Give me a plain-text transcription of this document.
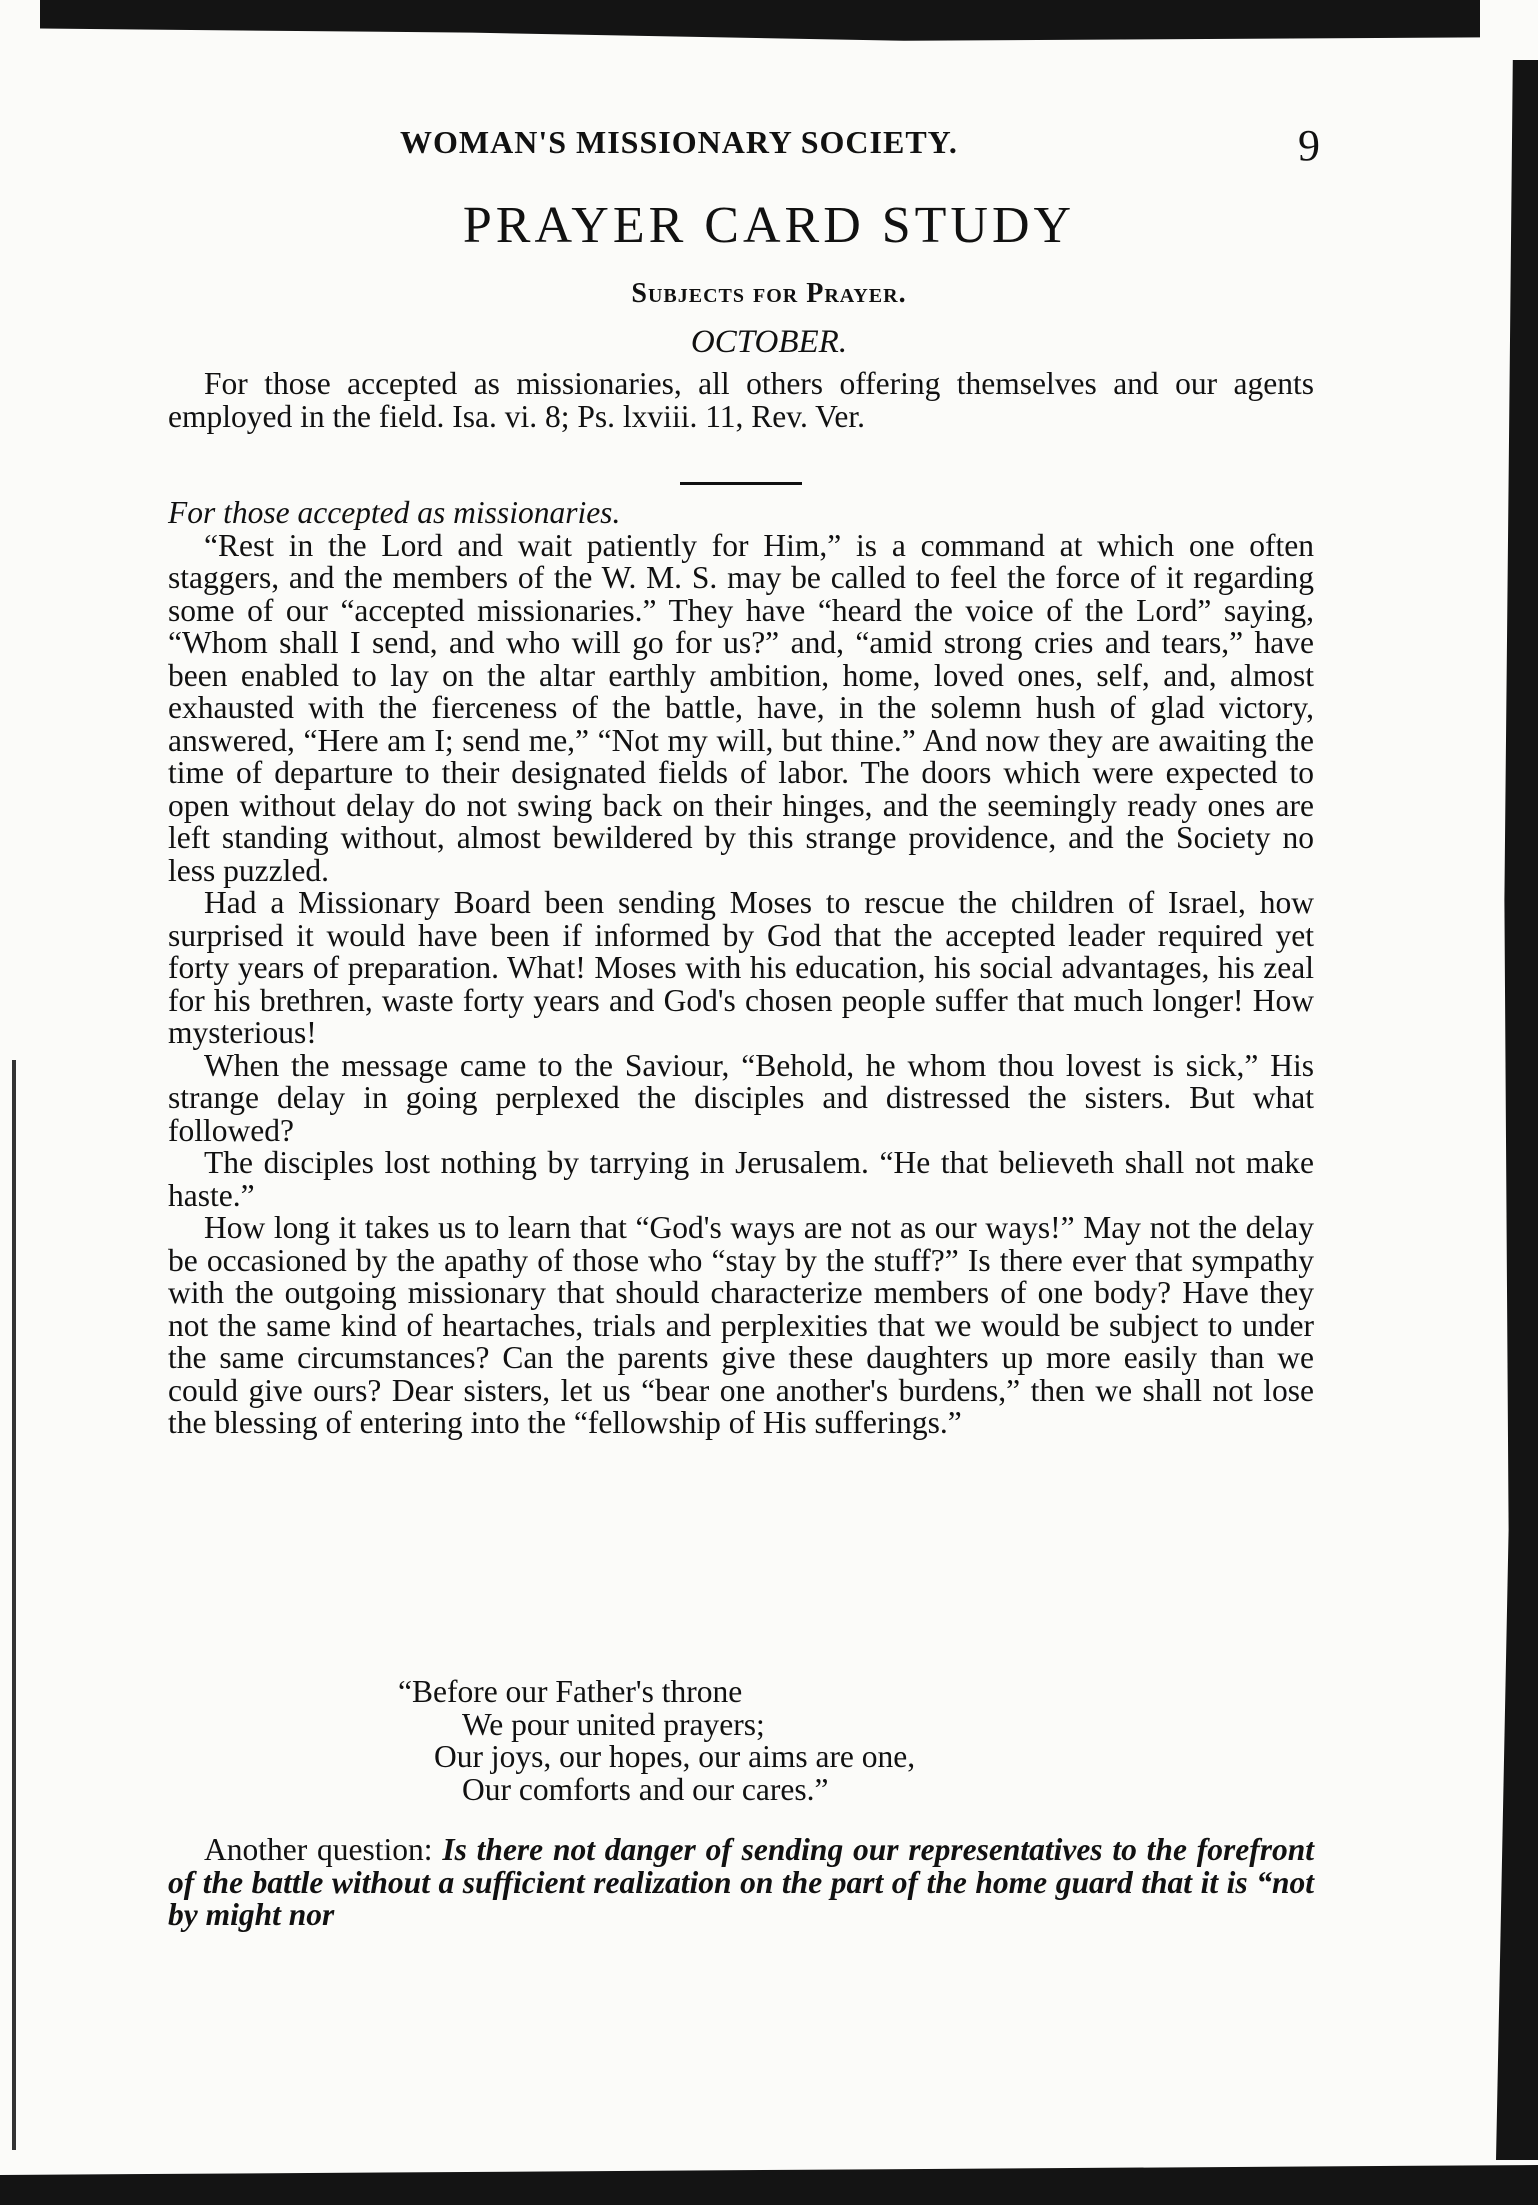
WOMAN'S MISSIONARY SOCIETY.	9
PRAYER CARD STUDY
Subjects for Prayer.
OCTOBER.

For those accepted as missionaries, all others offering themselves and our agents employed in the field. Isa. vi. 8; Ps. lxviii. 11, Rev. Ver.

For those accepted as missionaries.

“Rest in the Lord and wait patiently for Him,” is a command at which one often staggers, and the members of the W. M. S. may be called to feel the force of it regarding some of our “accepted missionaries.” They have “heard the voice of the Lord” saying, “Whom shall I send, and who will go for us?” and, “amid strong cries and tears,” have been enabled to lay on the altar earthly ambition, home, loved ones, self, and, almost exhausted with the fierceness of the battle, have, in the solemn hush of glad victory, answered, “Here am I; send me,” “Not my will, but thine.” And now they are awaiting the time of departure to their designated fields of labor. The doors which were expected to open without delay do not swing back on their hinges, and the seemingly ready ones are left standing without, almost bewildered by this strange providence, and the Society no less puzzled.

Had a Missionary Board been sending Moses to rescue the children of Israel, how surprised it would have been if informed by God that the accepted leader required yet forty years of preparation. What! Moses with his education, his social advantages, his zeal for his brethren, waste forty years and God's chosen people suffer that much longer! How mysterious!

When the message came to the Saviour, “Behold, he whom thou lovest is sick,” His strange delay in going perplexed the disciples and distressed the sisters. But what followed?

The disciples lost nothing by tarrying in Jerusalem. “He that believeth shall not make haste.”

How long it takes us to learn that “God's ways are not as our ways!” May not the delay be occasioned by the apathy of those who “stay by the stuff?” Is there ever that sympathy with the outgoing missionary that should characterize members of one body? Have they not the same kind of heartaches, trials and perplexities that we would be subject to under the same circumstances? Can the parents give these daughters up more easily than we could give ours? Dear sisters, let us “bear one another's burdens,” then we shall not lose the blessing of entering into the “fellowship of His sufferings.”

“Before our Father's throne
We pour united prayers;
Our joys, our hopes, our aims are one,
Our comforts and our cares.”

Another question: Is there not danger of sending our representatives to the forefront of the battle without a sufficient realization on the part of the home guard that it is “not by might nor
